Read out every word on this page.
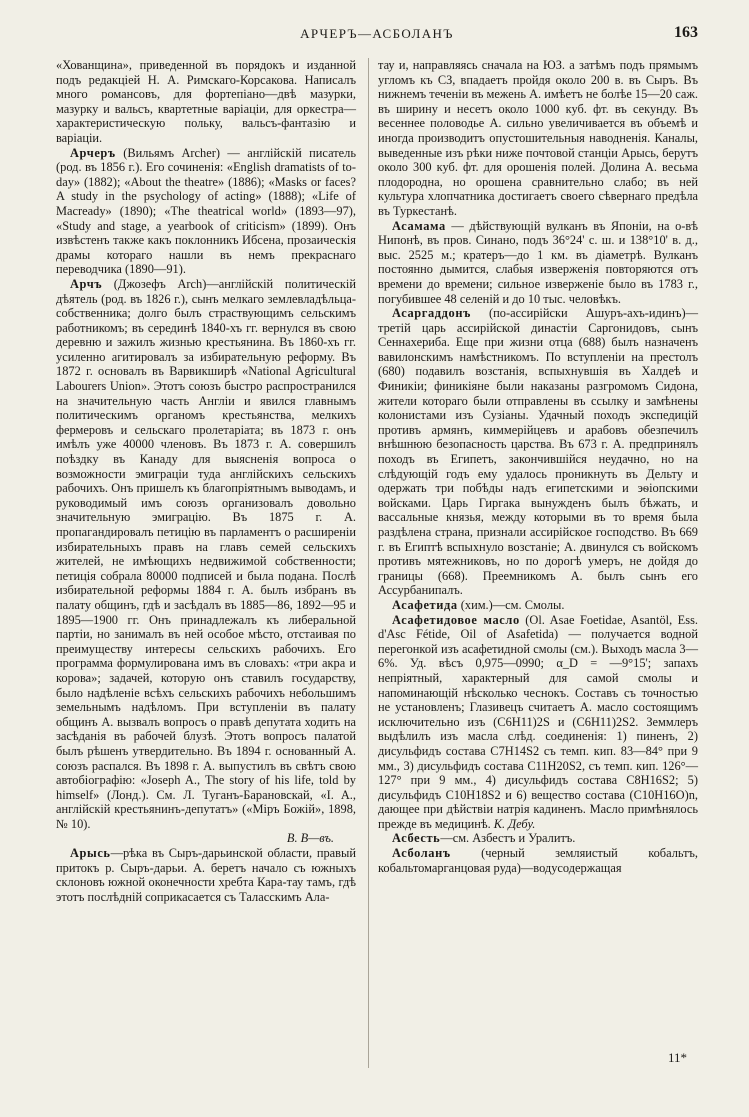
АРЧЕРЪ—АСБОЛАНЪ	163

«Хованщина», приведенной въ порядокъ и изданной подъ редакціей Н. А. Римскаго-Корсакова. Написалъ много романсовъ, для фортепіано—двѣ мазурки, мазурку и вальсъ, квартетные варіаціи, для оркестра—характеристическую польку, вальсъ-фантазію и варіаціи.

Арчеръ (Вильямъ Archer) — англійскій писатель (род. въ 1856 г.). Его сочиненія: «English dramatists of to-day» (1882); «About the theatre» (1886); «Masks or faces? A study in the psychology of acting» (1888); «Life of Macready» (1890); «The theatrical world» (1893—97), «Study and stage, a yearbook of criticism» (1899). Онъ извѣстенъ также какъ поклонникъ Ибсена, прозаическія драмы котораго нашли въ немъ прекраснаго переводчика (1890—91).

Арчъ (Джозефъ Arch)—англійскій политическій дѣятель (род. въ 1826 г.), сынъ мелкаго землевладѣльца-собственника; долго былъ страствующимъ сельскимъ работникомъ; въ серединѣ 1840-хъ гг. вернулся въ свою деревню и зажилъ жизнью крестьянина. Въ 1860-хъ гг. усиленно агитировалъ за избирательную реформу. Въ 1872 г. основалъ въ Варвикширѣ «National Agricultural Labourers Union». Этотъ союзъ быстро распространился на значительную часть Англіи и явился главнымъ политическимъ органомъ крестьянства, мелкихъ фермеровъ и сельскаго пролетаріата; въ 1873 г. онъ имѣлъ уже 40000 членовъ. Въ 1873 г. А. совершилъ поѣздку въ Канаду для выясненія вопроса о возможности эмиграціи туда англійскихъ сельскихъ рабочихъ. Онъ пришелъ къ благопріятнымъ выводамъ, и руководимый имъ союзъ организовалъ довольно значительную эмиграцію. Въ 1875 г. А. пропагандировалъ петицію въ парламентъ о расширеніи избирательныхъ правъ на главъ семей сельскихъ жителей, не имѣющихъ недвижимой собственности; петиція собрала 80000 подписей и была подана. Послѣ избирательной реформы 1884 г. А. былъ избранъ въ палату общинъ, гдѣ и засѣдалъ въ 1885—86, 1892—95 и 1895—1900 гг. Онъ принадлежалъ къ либеральной партіи, но занималъ въ ней особое мѣсто, отстаивая по преимуществу интересы сельскихъ рабочихъ. Его программа формулирована имъ въ словахъ: «три акра и корова»; задачей, которую онъ ставилъ государству, было надѣленіе всѣхъ сельскихъ рабочихъ небольшимъ земельнымъ надѣломъ. При вступленіи въ палату общинъ А. вызвалъ вопросъ о правѣ депутата ходить на засѣданія въ рабочей блузѣ. Этотъ вопросъ палатой былъ рѣшенъ утвердительно. Въ 1894 г. основанный А. союзъ распался. Въ 1898 г. А. выпустилъ въ свѣтъ свою автобіографію: «Joseph A., The story of his life, told by himself» (Лонд.). См. Л. Туганъ-Барановскай, «I. A., англійскій крестьянинъ-депутатъ» («Міръ Божій», 1898, № 10).

В. В—въ.

Арысь—рѣка въ Сыръ-дарьинской области, правый притокъ р. Сыръ-дарьи. А. беретъ начало съ южныхъ склоновъ южной оконечности хребта Кара-тау тамъ, гдѣ этотъ послѣдній соприкасается съ Таласскимъ Ала-

тау и, направляясь сначала на ЮЗ. а затѣмъ подъ прямымъ угломъ къ СЗ, впадаетъ пройдя около 200 в. въ Сыръ. Въ нижнемъ теченіи въ межень А. имѣетъ не болѣе 15—20 саж. въ ширину и несетъ около 1000 куб. фт. въ секунду. Въ весеннее половодье А. сильно увеличивается въ объемѣ и иногда производитъ опустошительныя наводненія. Каналы, выведенные изъ рѣки ниже почтовой станціи Арысь, берутъ около 300 куб. фт. для орошенія полей. Долина А. весьма плодородна, но орошена сравнительно слабо; въ ней культура хлопчатника достигаетъ своего сѣвернаго предѣла въ Туркестанѣ.

Асамама — дѣйствующій вулканъ въ Японіи, на о-вѣ Нипонѣ, въ пров. Синано, подъ 36°24' с. ш. и 138°10' в. д., выс. 2525 м.; кратеръ—до 1 км. въ діаметрѣ. Вулканъ постоянно дымится, слабыя изверженія повторяются отъ времени до времени; сильное изверженіе было въ 1783 г., погубившее 48 селеній и до 10 тыс. человѣкъ.

Асаргаддонъ (по-ассирійски Ашуръ-ахъ-идинъ)—третій царь ассирійской династіи Саргонидовъ, сынъ Сеннахериба. Еще при жизни отца (688) былъ назначенъ вавилонскимъ намѣстникомъ. По вступленіи на престолъ (680) подавилъ возстанія, вспыхнувшія въ Халдеѣ и Финикіи; финикіяне были наказаны разгромомъ Сидона, жители котораго были отправлены въ ссылку и замѣнены колонистами изъ Сузіаны. Удачный походъ экспедицій противъ армянъ, киммерійцевъ и арабовъ обезпечилъ внѣшнюю безопасность царства. Въ 673 г. А. предпринялъ походъ въ Египетъ, закончившійся неудачно, но на слѣдующій годъ ему удалось проникнуть въ Дельту и одержать три побѣды надъ египетскими и эѳіопскими войсками. Царь Гиргака вынужденъ былъ бѣжать, и вассальные князья, между которыми въ то время была раздѣлена страна, признали ассирійское господство. Въ 669 г. въ Египтѣ вспыхнуло возстаніе; А. двинулся съ войскомъ противъ мятежниковъ, но по дорогѣ умеръ, не дойдя до границы (668). Преемникомъ А. былъ сынъ его Ассурбанипалъ.

Асафетида (хим.)—см. Смолы.

Асафетидовое масло (Ol. Asae Foetidae, Asantöl, Ess. d'Asc Fétide, Oil of Asafetida) — получается водной перегонкой изъ асафетидной смолы (см.). Выходъ масла 3—6%. Уд. вѣсъ 0,975—0990; α_D = —9°15'; запахъ непріятный, характерный для самой смолы и напоминающій нѣсколько чеснокъ. Составъ съ точностью не установленъ; Глазивецъ считаетъ А. масло состоящимъ исключительно изъ (C6H11)2S и (C6H11)2S2. Земмлеръ выдѣлилъ изъ масла слѣд. соединенія: 1) пиненъ, 2) дисульфидъ состава C7H14S2 съ темп. кип. 83—84° при 9 мм., 3) дисульфидъ состава C11H20S2, съ темп. кип. 126°—127° при 9 мм., 4) дисульфидъ состава C8H16S2; 5) дисульфидъ C10H18S2 и 6) вещество состава (C10H16O)n, дающее при дѣйствіи натрія кадиненъ. Масло примѣнялось прежде въ медицинѣ. К. Дебу.

Асбесть—см. Азбестъ и Уралитъ.

Асболанъ (черный земляистый кобальтъ, кобальтомарганцовая руда)—водусодержащая

11*
